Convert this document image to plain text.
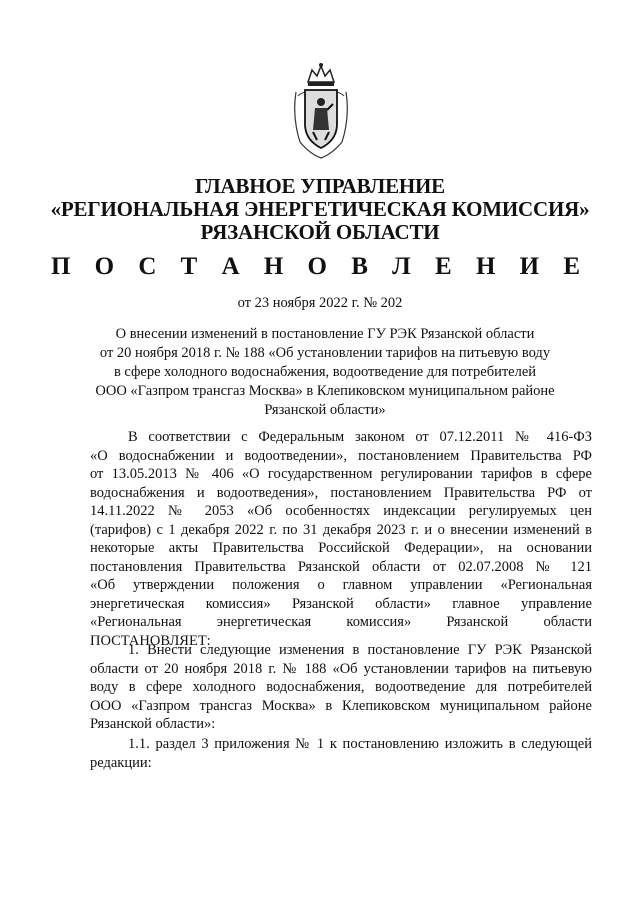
ГЛАВНОЕ УПРАВЛЕНИЕ
«РЕГИОНАЛЬНАЯ ЭНЕРГЕТИЧЕСКАЯ КОМИССИЯ»
РЯЗАНСКОЙ ОБЛАСТИ
П О С Т А Н О В Л Е Н И Е
от 23 ноября 2022 г. № 202
О внесении изменений в постановление ГУ РЭК Рязанской области
от 20 ноября 2018 г. № 188 «Об установлении тарифов на питьевую воду
в сфере холодного водоснабжения, водоотведение для потребителей
ООО «Газпром трансгаз Москва» в Клепиковском муниципальном районе
Рязанской области»
В соответствии с Федеральным законом от 07.12.2011 № 416-ФЗ
«О водоснабжении и водоотведении», постановлением Правительства РФ
от 13.05.2013 № 406 «О государственном регулировании тарифов в сфере
водоснабжения и водоотведения», постановлением Правительства РФ от
14.11.2022 № 2053 «Об особенностях индексации регулируемых цен
(тарифов) с 1 декабря 2022 г. по 31 декабря 2023 г. и о внесении изменений в
некоторые акты Правительства Российской Федерации», на основании
постановления Правительства Рязанской области от 02.07.2008 № 121
«Об утверждении положения о главном управлении «Региональная
энергетическая комиссия» Рязанской области» главное управление
«Региональная энергетическая комиссия» Рязанской области
ПОСТАНОВЛЯЕТ:
1. Внести следующие изменения в постановление ГУ РЭК Рязанской
области от 20 ноября 2018 г. № 188 «Об установлении тарифов на питьевую
воду в сфере холодного водоснабжения, водоотведение для потребителей
ООО «Газпром трансгаз Москва» в Клепиковском муниципальном районе
Рязанской области»:
1.1. раздел 3 приложения № 1 к постановлению изложить в следующей
редакции:
